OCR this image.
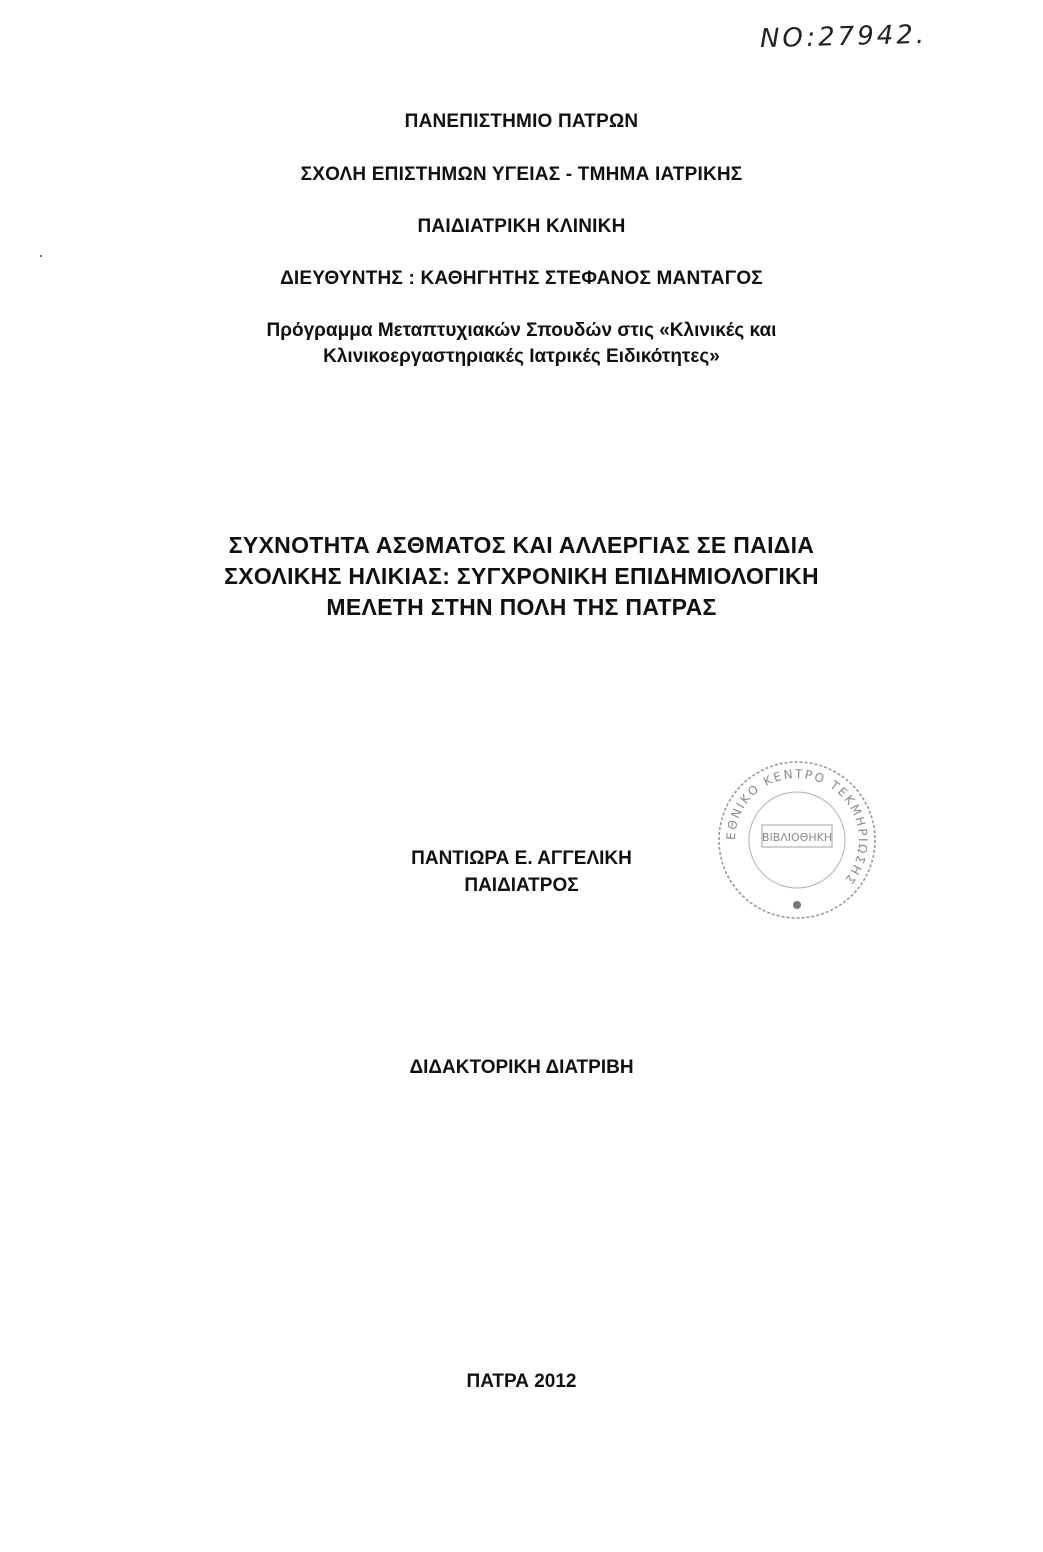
NO:27942.
ΠΑΝΕΠΙΣΤΗΜΙΟ ΠΑΤΡΩΝ
ΣΧΟΛΗ ΕΠΙΣΤΗΜΩΝ ΥΓΕΙΑΣ - ΤΜΗΜΑ ΙΑΤΡΙΚΗΣ
ΠΑΙΔΙΑΤΡΙΚΗ ΚΛΙΝΙΚΗ
ΔΙΕΥΘΥΝΤΗΣ : ΚΑΘΗΓΗΤΗΣ ΣΤΕΦΑΝΟΣ ΜΑΝΤΑΓΟΣ
Πρόγραμμα Μεταπτυχιακών Σπουδών στις «Κλινικές και
Κλινικοεργαστηριακές Ιατρικές Ειδικότητες»
ΣΥΧΝΟΤΗΤΑ ΑΣΘΜΑΤΟΣ ΚΑΙ ΑΛΛΕΡΓΙΑΣ ΣΕ ΠΑΙΔΙΑ
ΣΧΟΛΙΚΗΣ ΗΛΙΚΙΑΣ: ΣΥΓΧΡΟΝΙΚΗ ΕΠΙΔΗΜΙΟΛΟΓΙΚΗ
ΜΕΛΕΤΗ ΣΤΗΝ ΠΟΛΗ ΤΗΣ ΠΑΤΡΑΣ
ΠΑΝΤΙΩΡΑ Ε. ΑΓΓΕΛΙΚΗ
ΠΑΙΔΙΑΤΡΟΣ
ΕΘΝΙΚΟ ΚΕΝΤΡΟ ΤΕΚΜΗΡΙΩΣΗΣ
ΒΙΒΛΙΟΘΗΚΗ
ΔΙΔΑΚΤΟΡΙΚΗ ΔΙΑΤΡΙΒΗ
ΠΑΤΡΑ 2012
